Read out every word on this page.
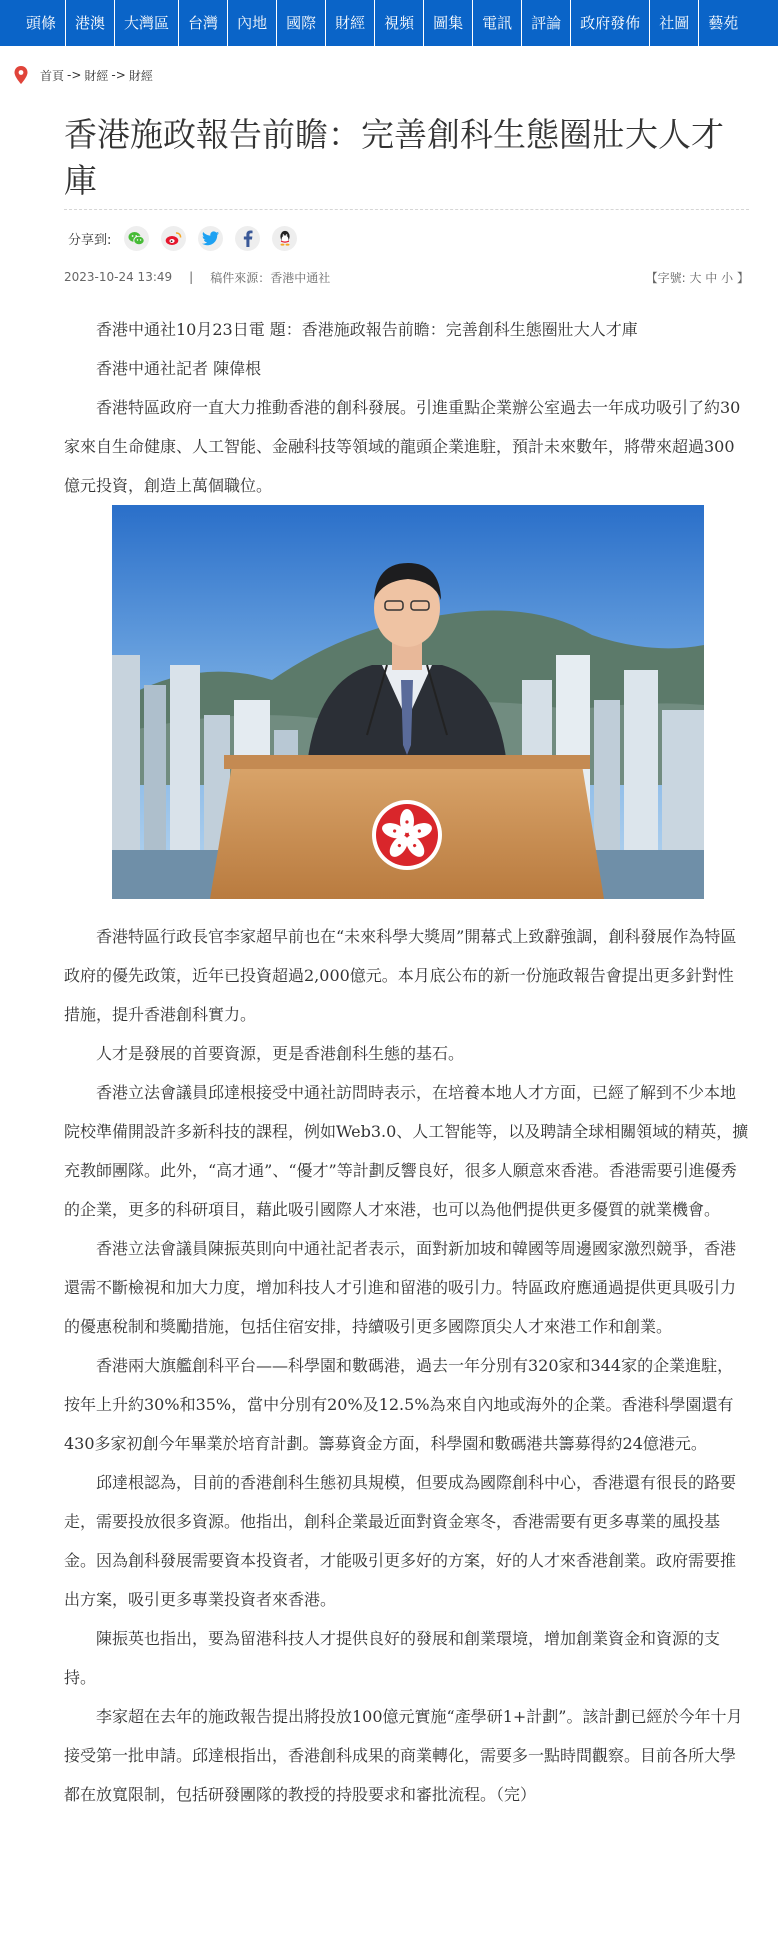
頭條	港澳	大灣區	台灣	內地	國際	財經	視頻	圖集	電訊	評論	政府發佈	社圖	藝苑
首頁 -> 財經 -> 財經
香港施政報告前瞻：完善創科生態圈壯大人才庫
分享到:
2023-10-24 13:49 | 稿件來源：香港中通社	【字號: 大 中 小 】

香港中通社10月23日電 題：香港施政報告前瞻：完善創科生態圈壯大人才庫

香港中通社記者 陳偉根

香港特區政府一直大力推動香港的創科發展。引進重點企業辦公室過去一年成功吸引了約30家來自生命健康、人工智能、金融科技等領域的龍頭企業進駐，預計未來數年，將帶來超過300億元投資，創造上萬個職位。

香港特區行政長官李家超早前也在“未來科學大獎周”開幕式上致辭強調，創科發展作為特區政府的優先政策，近年已投資超過2,000億元。本月底公布的新一份施政報告會提出更多針對性措施，提升香港創科實力。

人才是發展的首要資源，更是香港創科生態的基石。

香港立法會議員邱達根接受中通社訪問時表示，在培養本地人才方面，已經了解到不少本地院校準備開設許多新科技的課程，例如Web3.0、人工智能等，以及聘請全球相關領域的精英，擴充教師團隊。此外，“高才通”、“優才”等計劃反響良好，很多人願意來香港。香港需要引進優秀的企業，更多的科研項目，藉此吸引國際人才來港，也可以為他們提供更多優質的就業機會。

香港立法會議員陳振英則向中通社記者表示，面對新加坡和韓國等周邊國家激烈競爭，香港還需不斷檢視和加大力度，增加科技人才引進和留港的吸引力。特區政府應通過提供更具吸引力的優惠稅制和獎勵措施，包括住宿安排，持續吸引更多國際頂尖人才來港工作和創業。

香港兩大旗艦創科平台——科學園和數碼港，過去一年分別有320家和344家的企業進駐，按年上升約30%和35%，當中分別有20%及12.5%為來自內地或海外的企業。香港科學園還有430多家初創今年畢業於培育計劃。籌募資金方面，科學園和數碼港共籌募得約24億港元。

邱達根認為，目前的香港創科生態初具規模，但要成為國際創科中心，香港還有很長的路要走，需要投放很多資源。他指出，創科企業最近面對資金寒冬，香港需要有更多專業的風投基金。因為創科發展需要資本投資者，才能吸引更多好的方案，好的人才來香港創業。政府需要推出方案，吸引更多專業投資者來香港。

陳振英也指出，要為留港科技人才提供良好的發展和創業環境，增加創業資金和資源的支持。

李家超在去年的施政報告提出將投放100億元實施“產學研1+計劃”。該計劃已經於今年十月接受第一批申請。邱達根指出，香港創科成果的商業轉化，需要多一點時間觀察。目前各所大學都在放寬限制，包括研發團隊的教授的持股要求和審批流程。（完）
